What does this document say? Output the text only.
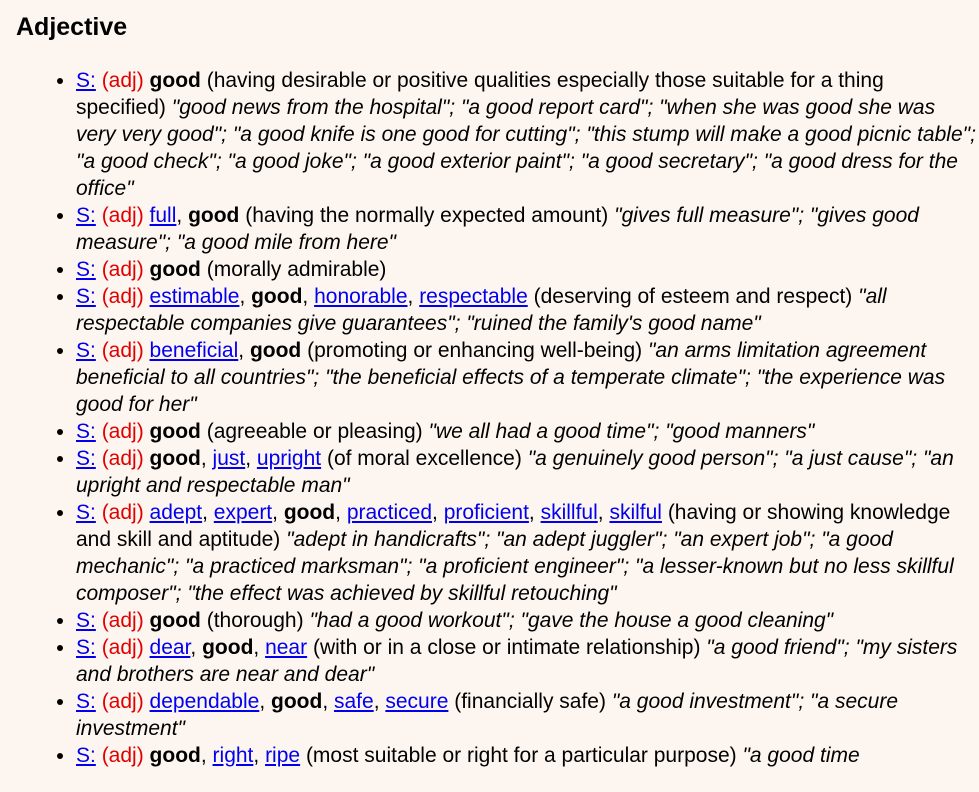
Adjective
• S: (adj) good (having desirable or positive qualities especially those suitable for a thing specified) "good news from the hospital"; "a good report card"; "when she was good she was very very good"; "a good knife is one good for cutting"; "this stump will make a good picnic table"; "a good check"; "a good joke"; "a good exterior paint"; "a good secretary"; "a good dress for the office"
• S: (adj) full, good (having the normally expected amount) "gives full measure"; "gives good measure"; "a good mile from here"
• S: (adj) good (morally admirable)
• S: (adj) estimable, good, honorable, respectable (deserving of esteem and respect) "all respectable companies give guarantees"; "ruined the family's good name"
• S: (adj) beneficial, good (promoting or enhancing well-being) "an arms limitation agreement beneficial to all countries"; "the beneficial effects of a temperate climate"; "the experience was good for her"
• S: (adj) good (agreeable or pleasing) "we all had a good time"; "good manners"
• S: (adj) good, just, upright (of moral excellence) "a genuinely good person"; "a just cause"; "an upright and respectable man"
• S: (adj) adept, expert, good, practiced, proficient, skillful, skilful (having or showing knowledge and skill and aptitude) "adept in handicrafts"; "an adept juggler"; "an expert job"; "a good mechanic"; "a practiced marksman"; "a proficient engineer"; "a lesser-known but no less skillful composer"; "the effect was achieved by skillful retouching"
• S: (adj) good (thorough) "had a good workout"; "gave the house a good cleaning"
• S: (adj) dear, good, near (with or in a close or intimate relationship) "a good friend"; "my sisters and brothers are near and dear"
• S: (adj) dependable, good, safe, secure (financially safe) "a good investment"; "a secure investment"
• S: (adj) good, right, ripe (most suitable or right for a particular purpose) "a good time
